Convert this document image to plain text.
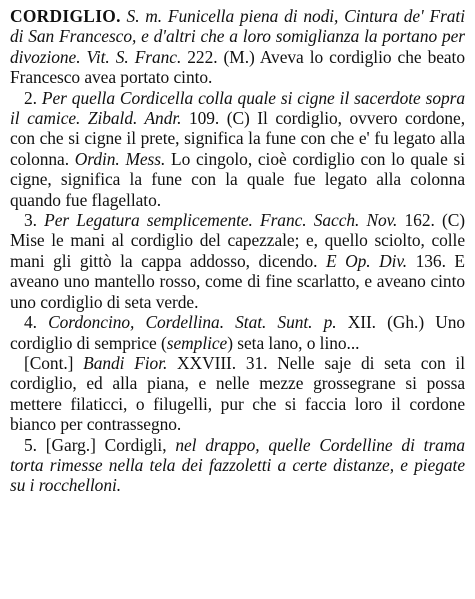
CORDIGLIO. S. m. Funicella piena di nodi, Cintura de' Frati di San Francesco, e d'altri che a loro somiglianza la portano per divozione. Vit. S. Franc. 222. (M.) Aveva lo cordiglio che beato Francesco avea portato cinto.

2. Per quella Cordicella colla quale si cigne il sacerdote sopra il camice. Zibald. Andr. 109. (C) Il cordiglio, ovvero cordone, con che si cigne il prete, significa la fune con che e' fu legato alla colonna. Ordin. Mess. Lo cingolo, cioè cordiglio con lo quale si cigne, significa la fune con la quale fue legato alla colonna quando fue flagellato.

3. Per Legatura semplicemente. Franc. Sacch. Nov. 162. (C) Mise le mani al cordiglio del capezzale; e, quello sciolto, colle mani gli gittò la cappa addosso, dicendo. E Op. Div. 136. E aveano uno mantello rosso, come di fine scarlatto, e aveano cinto uno cordiglio di seta verde.

4. Cordoncino, Cordellina. Stat. Sunt. p. XII. (Gh.) Uno cordiglio di semprice (semplice) seta lano, o lino...

[Cont.] Bandi Fior. XXVIII. 31. Nelle saje di seta con il cordiglio, ed alla piana, e nelle mezze grossegrane si possa mettere filaticci, o filugelli, pur che si faccia loro il cordone bianco per contrassegno.

5. [Garg.] Cordigli, nel drappo, quelle Cordelline di trama torta rimesse nella tela dei fazzoletti a certe distanze, e piegate su i rocchelloni.
